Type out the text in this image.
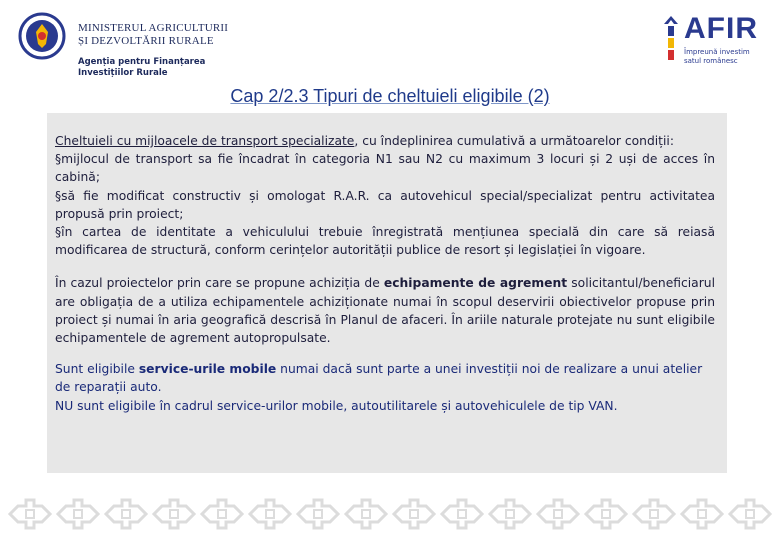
MINISTERUL AGRICULTURII
ȘI DEZVOLTĂRII RURALE
Agenția pentru Finanțarea
Investițiilor Rurale
AFIR
Împreună investim
satul românesc
Cap 2/2.3 Tipuri de cheltuieli eligibile (2)

Cheltuieli cu mijloacele de transport specializate, cu îndeplinirea cumulativă a următoarelor condiții:

§mijlocul de transport sa fie încadrat în categoria N1 sau N2 cu maximum 3 locuri și 2 uși de acces în cabină;

§să fie modificat constructiv și omologat R.A.R. ca autovehicul special/specializat pentru activitatea propusă prin proiect;

§în cartea de identitate a vehiculului trebuie înregistrată mențiunea specială din care să reiasă modificarea de structură, conform cerințelor autorității publice de resort și legislației în vigoare.

În cazul proiectelor prin care se propune achiziția de echipamente de agrement solicitantul/beneficiarul are obligația de a utiliza echipamentele achiziționate numai în scopul deservirii obiectivelor propuse prin proiect și numai în aria geografică descrisă în Planul de afaceri. În ariile naturale protejate nu sunt eligibile echipamentele de agrement autopropulsate.

Sunt eligibile service-urile mobile numai dacă sunt parte a unei investiții noi de realizare a unui atelier de reparații auto.

NU sunt eligibile în cadrul service-urilor mobile, autoutilitarele și autovehiculele de tip VAN.
